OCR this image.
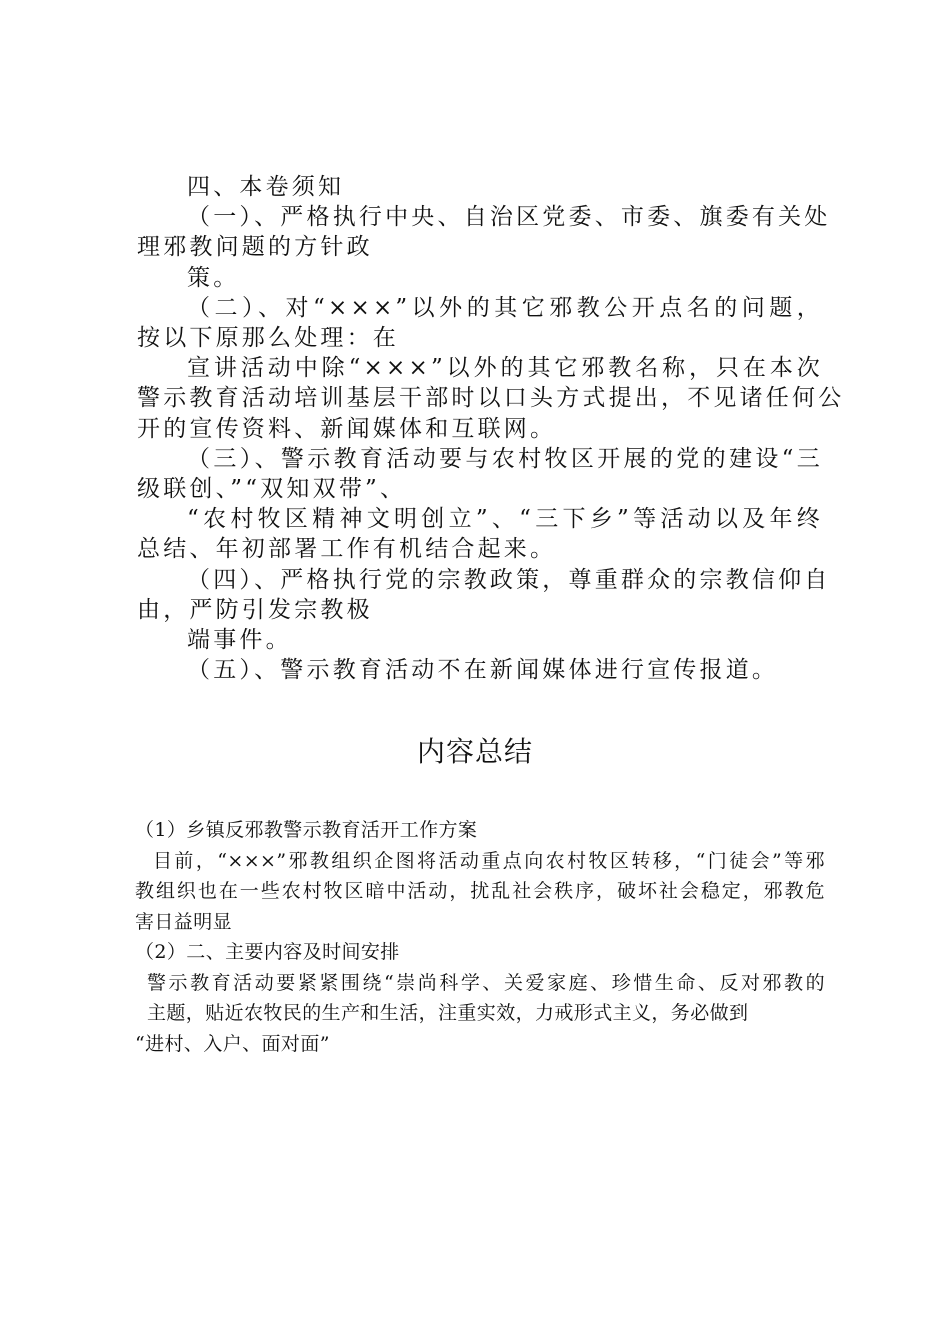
四、本卷须知

（一）、严格执行中央、自治区党委、市委、旗委有关处

理邪教问题的方针政

策。

（二）、对“×××”以外的其它邪教公开点名的问题，

按以下原那么处理：在

宣讲活动中除“×××”以外的其它邪教名称，只在本次

警示教育活动培训基层干部时以口头方式提出，不见诸任何公

开的宣传资料、新闻媒体和互联网。

（三）、警示教育活动要与农村牧区开展的党的建设“三

级联创、”“双知双带”、

“农村牧区精神文明创立”、“三下乡”等活动以及年终

总结、年初部署工作有机结合起来。

（四）、严格执行党的宗教政策，尊重群众的宗教信仰自

由，严防引发宗教极

端事件。

（五）、警示教育活动不在新闻媒体进行宣传报道。

内容总结

（1）乡镇反邪教警示教育活开工作方案

目前，“×××”邪教组织企图将活动重点向农村牧区转移，“门徒会”等邪

教组织也在一些农村牧区暗中活动，扰乱社会秩序，破坏社会稳定，邪教危

害日益明显

（2）二、主要内容及时间安排

警示教育活动要紧紧围绕“崇尚科学、关爱家庭、珍惜生命、反对邪教的

主题，贴近农牧民的生产和生活，注重实效，力戒形式主义，务必做到

“进村、入户、面对面”
